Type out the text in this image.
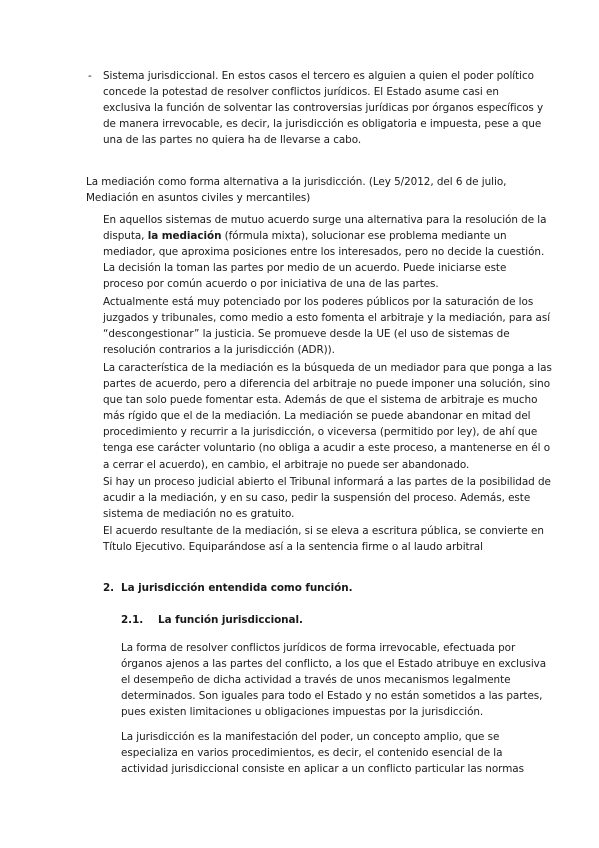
- Sistema jurisdiccional. En estos casos el tercero es alguien a quien el poder político
concede la potestad de resolver conflictos jurídicos. El Estado asume casi en
exclusiva la función de solventar las controversias jurídicas por órganos específicos y
de manera irrevocable, es decir, la jurisdicción es obligatoria e impuesta, pese a que
una de las partes no quiera ha de llevarse a cabo.

La mediación como forma alternativa a la jurisdicción. (Ley 5/2012, del 6 de julio,
Mediación en asuntos civiles y mercantiles)

En aquellos sistemas de mutuo acuerdo surge una alternativa para la resolución de la
disputa, la mediación (fórmula mixta), solucionar ese problema mediante un
mediador, que aproxima posiciones entre los interesados, pero no decide la cuestión.
La decisión la toman las partes por medio de un acuerdo. Puede iniciarse este
proceso por común acuerdo o por iniciativa de una de las partes.

Actualmente está muy potenciado por los poderes públicos por la saturación de los
juzgados y tribunales, como medio a esto fomenta el arbitraje y la mediación, para así
“descongestionar” la justicia. Se promueve desde la UE (el uso de sistemas de
resolución contrarios a la jurisdicción (ADR)).

La característica de la mediación es la búsqueda de un mediador para que ponga a las
partes de acuerdo, pero a diferencia del arbitraje no puede imponer una solución, sino
que tan solo puede fomentar esta. Además de que el sistema de arbitraje es mucho
más rígido que el de la mediación. La mediación se puede abandonar en mitad del
procedimiento y recurrir a la jurisdicción, o viceversa (permitido por ley), de ahí que
tenga ese carácter voluntario (no obliga a acudir a este proceso, a mantenerse en él o
a cerrar el acuerdo), en cambio, el arbitraje no puede ser abandonado.

Si hay un proceso judicial abierto el Tribunal informará a las partes de la posibilidad de
acudir a la mediación, y en su caso, pedir la suspensión del proceso. Además, este
sistema de mediación no es gratuito.

El acuerdo resultante de la mediación, si se eleva a escritura pública, se convierte en
Título Ejecutivo. Equiparándose así a la sentencia firme o al laudo arbitral

2. La jurisdicción entendida como función.

2.1. La función jurisdiccional.

La forma de resolver conflictos jurídicos de forma irrevocable, efectuada por
órganos ajenos a las partes del conflicto, a los que el Estado atribuye en exclusiva
el desempeño de dicha actividad a través de unos mecanismos legalmente
determinados. Son iguales para todo el Estado y no están sometidos a las partes,
pues existen limitaciones u obligaciones impuestas por la jurisdicción.

La jurisdicción es la manifestación del poder, un concepto amplio, que se
especializa en varios procedimientos, es decir, el contenido esencial de la
actividad jurisdiccional consiste en aplicar a un conflicto particular las normas
